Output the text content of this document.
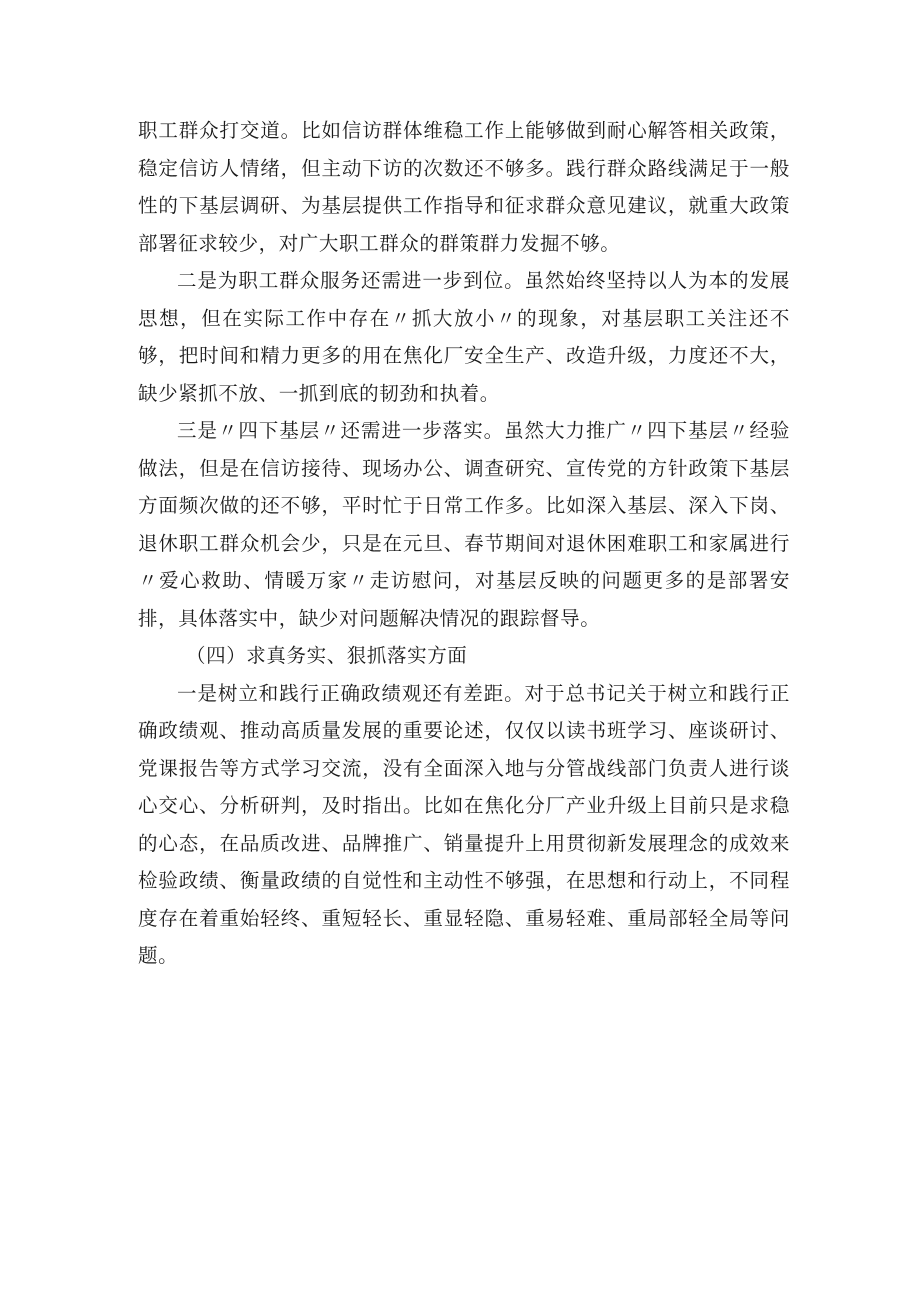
职工群众打交道。比如信访群体维稳工作上能够做到耐心解答相关政策，稳定信访人情绪，但主动下访的次数还不够多。践行群众路线满足于一般性的下基层调研、为基层提供工作指导和征求群众意见建议，就重大政策部署征求较少，对广大职工群众的群策群力发掘不够。

二是为职工群众服务还需进一步到位。虽然始终坚持以人为本的发展思想，但在实际工作中存在〃抓大放小〃的现象，对基层职工关注还不够，把时间和精力更多的用在焦化厂安全生产、改造升级，力度还不大，缺少紧抓不放、一抓到底的韧劲和执着。

三是〃四下基层〃还需进一步落实。虽然大力推广〃四下基层〃经验做法，但是在信访接待、现场办公、调查研究、宣传党的方针政策下基层方面频次做的还不够，平时忙于日常工作多。比如深入基层、深入下岗、退休职工群众机会少，只是在元旦、春节期间对退休困难职工和家属进行〃爱心救助、情暖万家〃走访慰问，对基层反映的问题更多的是部署安排，具体落实中，缺少对问题解决情况的跟踪督导。

（四）求真务实、狠抓落实方面

一是树立和践行正确政绩观还有差距。对于总书记关于树立和践行正确政绩观、推动高质量发展的重要论述，仅仅以读书班学习、座谈研讨、党课报告等方式学习交流，没有全面深入地与分管战线部门负责人进行谈心交心、分析研判，及时指出。比如在焦化分厂产业升级上目前只是求稳的心态，在品质改进、品牌推广、销量提升上用贯彻新发展理念的成效来检验政绩、衡量政绩的自觉性和主动性不够强，在思想和行动上，不同程度存在着重始轻终、重短轻长、重显轻隐、重易轻难、重局部轻全局等问题。
